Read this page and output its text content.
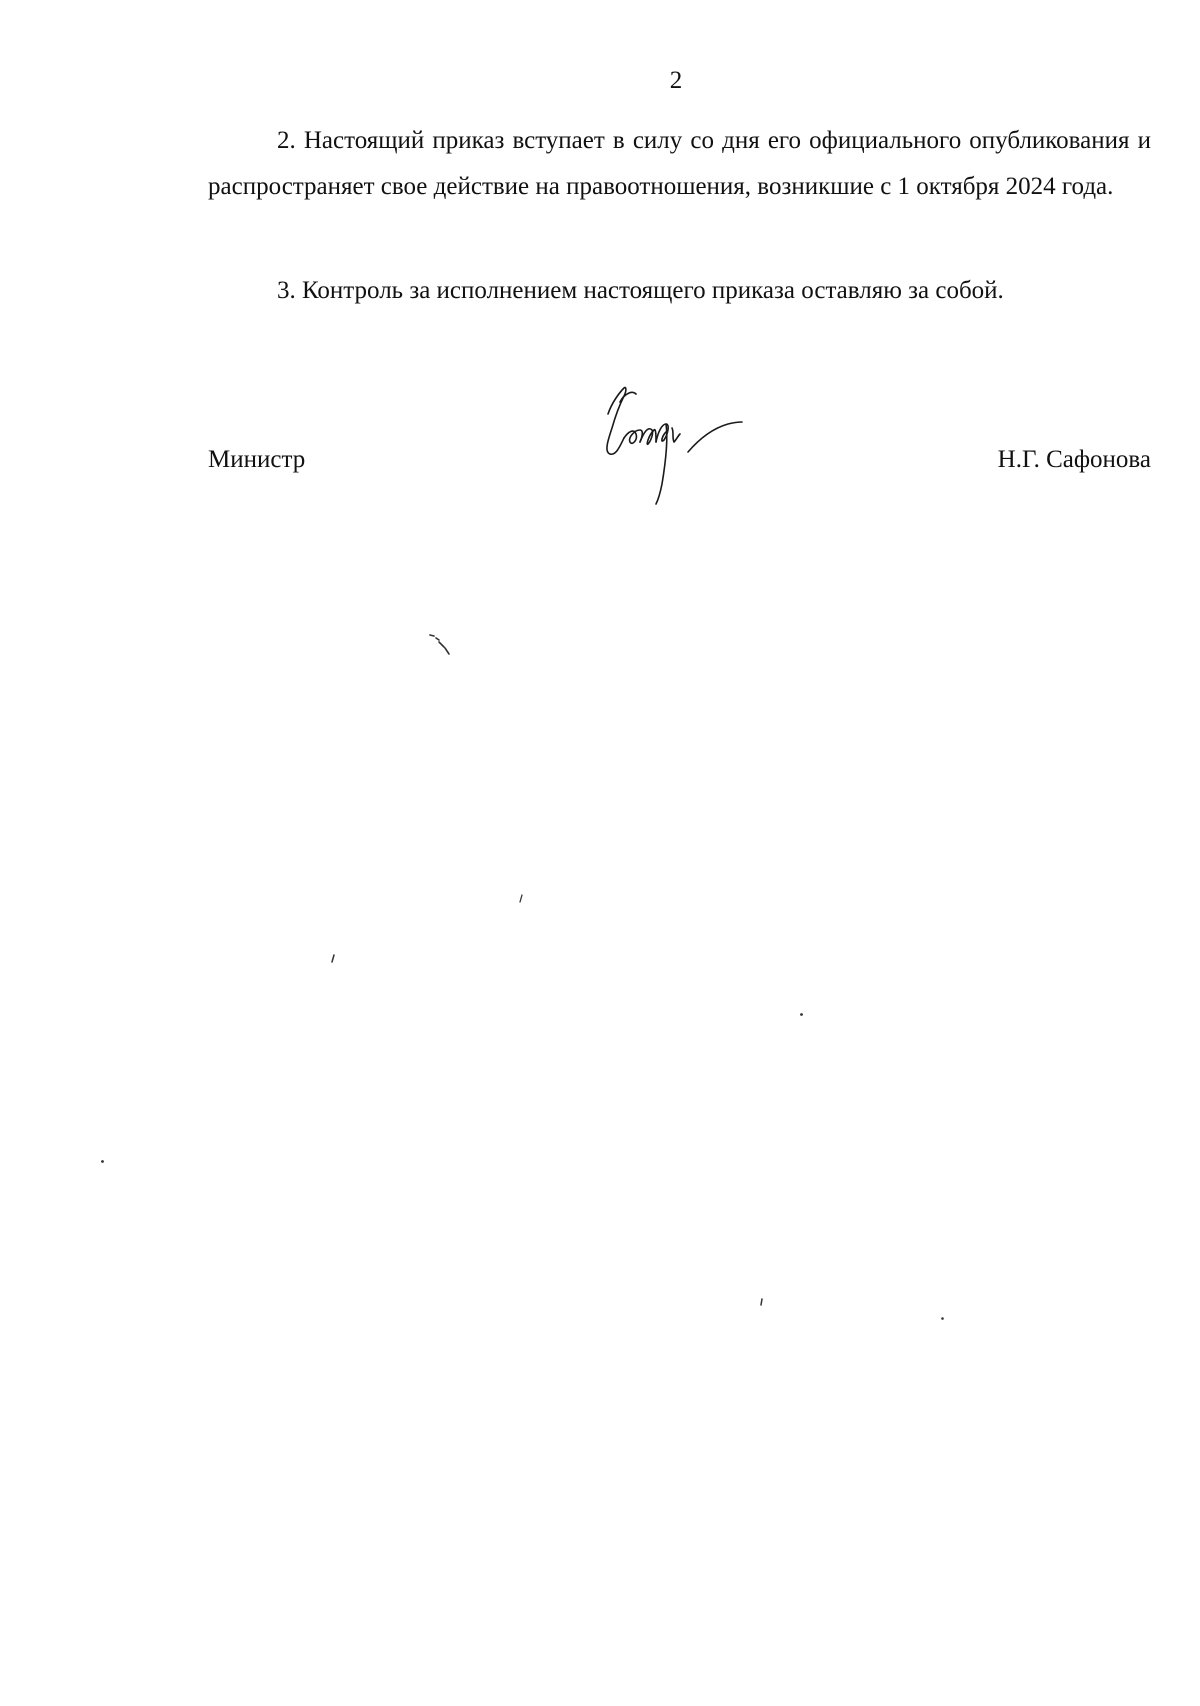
2

2. Настоящий приказ вступает в силу со дня его официального опубликования и распространяет свое действие на правоотношения, возникшие с 1 октября 2024 года.

3. Контроль за исполнением настоящего приказа оставляю за собой.

Министр	Н.Г. Сафонова
